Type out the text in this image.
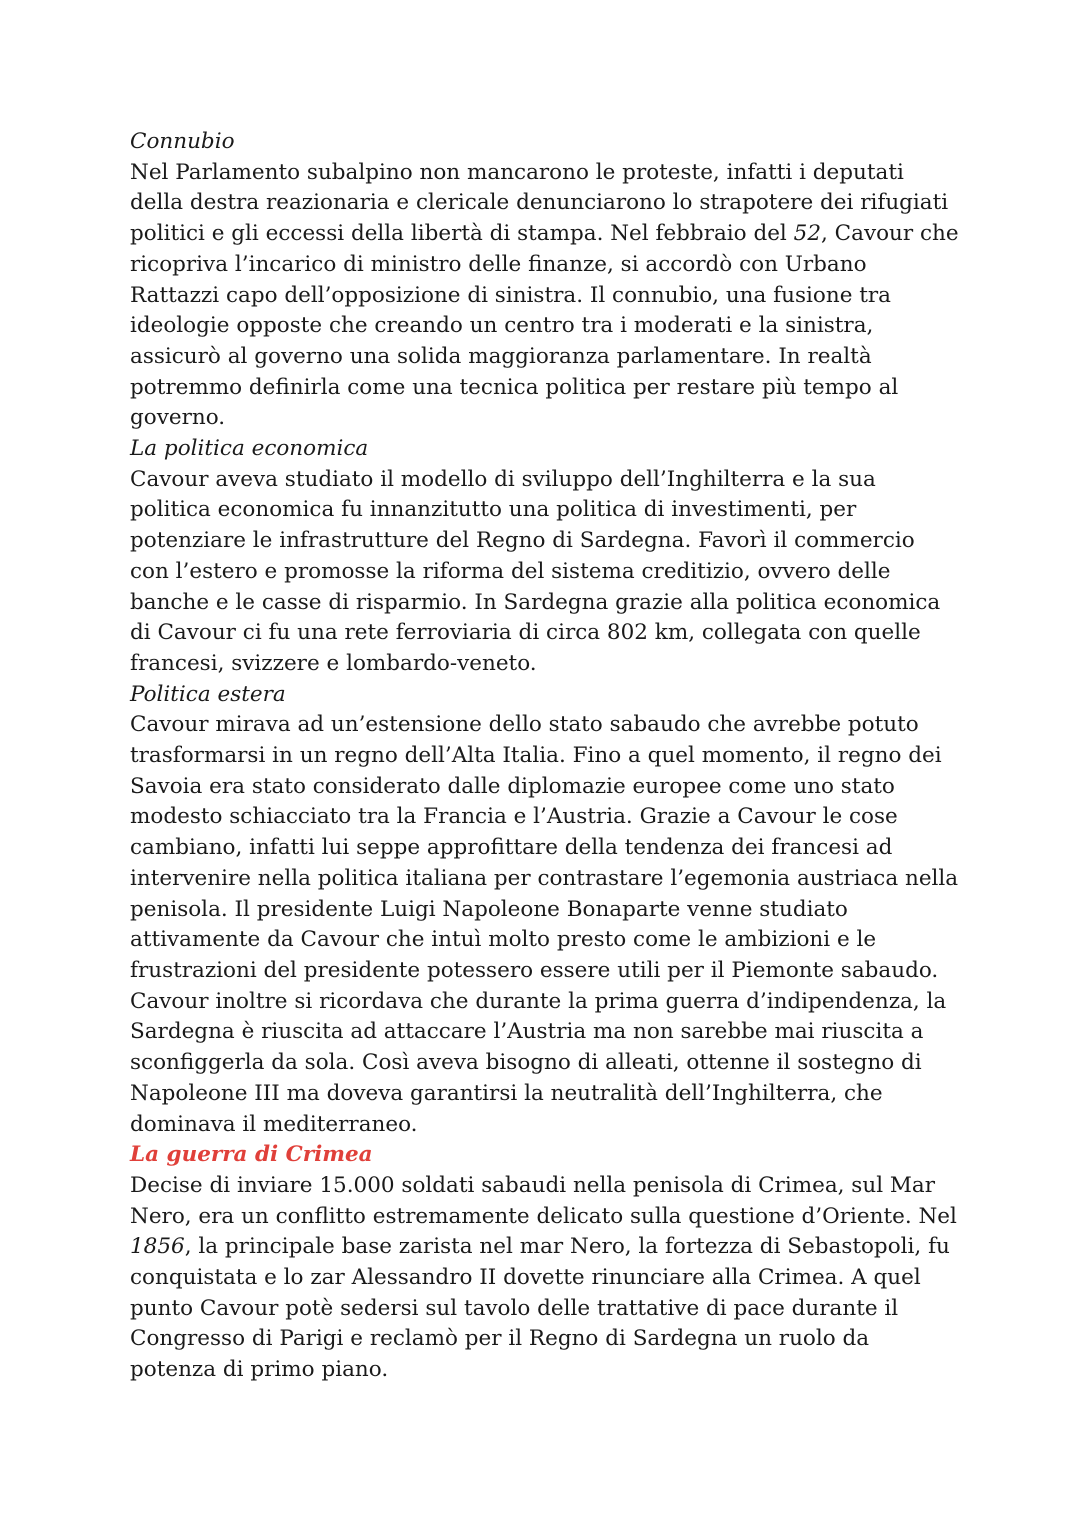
Connubio

Nel Parlamento subalpino non mancarono le proteste, infatti i deputati della destra reazionaria e clericale denunciarono lo strapotere dei rifugiati politici e gli eccessi della libertà di stampa. Nel febbraio del 52, Cavour che ricopriva l’incarico di ministro delle finanze, si accordò con Urbano Rattazzi capo dell’opposizione di sinistra. Il connubio, una fusione tra ideologie opposte che creando un centro tra i moderati e la sinistra, assicurò al governo una solida maggioranza parlamentare. In realtà potremmo definirla come una tecnica politica per restare più tempo al governo.

La politica economica

Cavour aveva studiato il modello di sviluppo dell’Inghilterra e la sua politica economica fu innanzitutto una politica di investimenti, per potenziare le infrastrutture del Regno di Sardegna. Favorì il commercio con l’estero e promosse la riforma del sistema creditizio, ovvero delle banche e le casse di risparmio. In Sardegna grazie alla politica economica di Cavour ci fu una rete ferroviaria di circa 802 km, collegata con quelle francesi, svizzere e lombardo-veneto.

Politica estera

Cavour mirava ad un’estensione dello stato sabaudo che avrebbe potuto trasformarsi in un regno dell’Alta Italia. Fino a quel momento, il regno dei Savoia era stato considerato dalle diplomazie europee come uno stato modesto schiacciato tra la Francia e l’Austria. Grazie a Cavour le cose cambiano, infatti lui seppe approfittare della tendenza dei francesi ad intervenire nella politica italiana per contrastare l’egemonia austriaca nella penisola. Il presidente Luigi Napoleone Bonaparte venne studiato attivamente da Cavour che intuì molto presto come le ambizioni e le frustrazioni del presidente potessero essere utili per il Piemonte sabaudo. Cavour inoltre si ricordava che durante la prima guerra d’indipendenza, la Sardegna è riuscita ad attaccare l’Austria ma non sarebbe mai riuscita a sconfiggerla da sola. Così aveva bisogno di alleati, ottenne il sostegno di Napoleone III ma doveva garantirsi la neutralità dell’Inghilterra, che dominava il mediterraneo.

La guerra di Crimea

Decise di inviare 15.000 soldati sabaudi nella penisola di Crimea, sul Mar Nero, era un conflitto estremamente delicato sulla questione d’Oriente. Nel 1856, la principale base zarista nel mar Nero, la fortezza di Sebastopoli, fu conquistata e lo zar Alessandro II dovette rinunciare alla Crimea. A quel punto Cavour potè sedersi sul tavolo delle trattative di pace durante il Congresso di Parigi e reclamò per il Regno di Sardegna un ruolo da potenza di primo piano.
